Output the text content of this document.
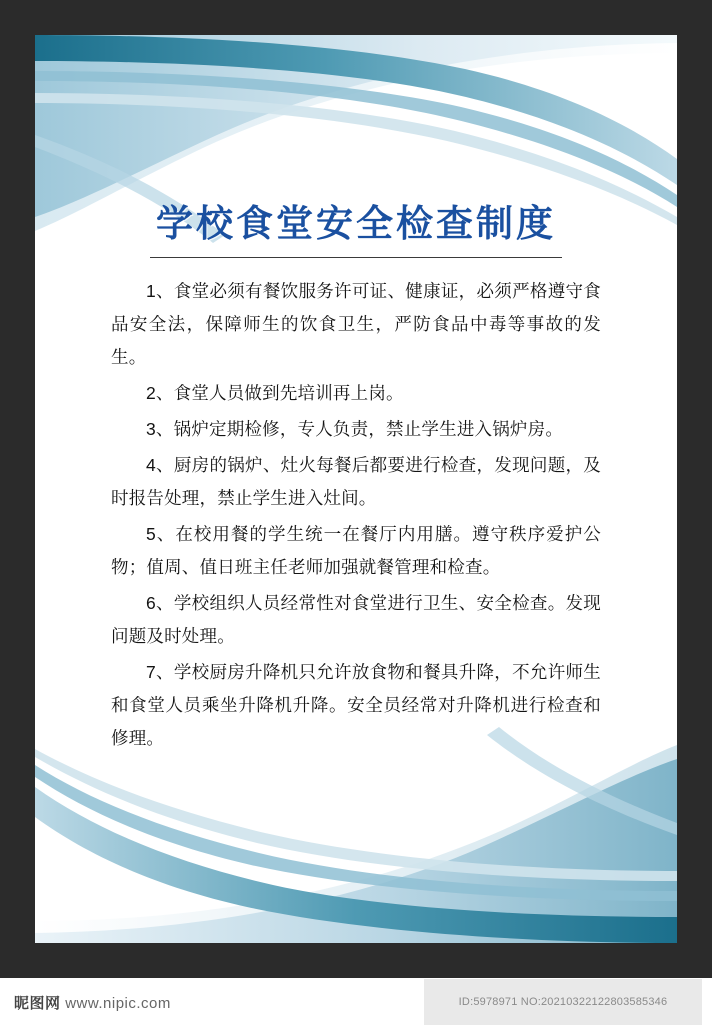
学校食堂安全检查制度

1、食堂必须有餐饮服务许可证、健康证，必须严格遵守食品安全法，保障师生的饮食卫生，严防食品中毒等事故的发生。

2、食堂人员做到先培训再上岗。

3、锅炉定期检修，专人负责，禁止学生进入锅炉房。

4、厨房的锅炉、灶火每餐后都要进行检查，发现问题，及时报告处理，禁止学生进入灶间。

5、在校用餐的学生统一在餐厅内用膳。遵守秩序爱护公物；值周、值日班主任老师加强就餐管理和检查。

6、学校组织人员经常性对食堂进行卫生、安全检查。发现问题及时处理。

7、学校厨房升降机只允许放食物和餐具升降，不允许师生和食堂人员乘坐升降机升降。安全员经常对升降机进行检查和修理。

昵图网 www.nipic.com	ID:5978971 NO:20210322122803585346
